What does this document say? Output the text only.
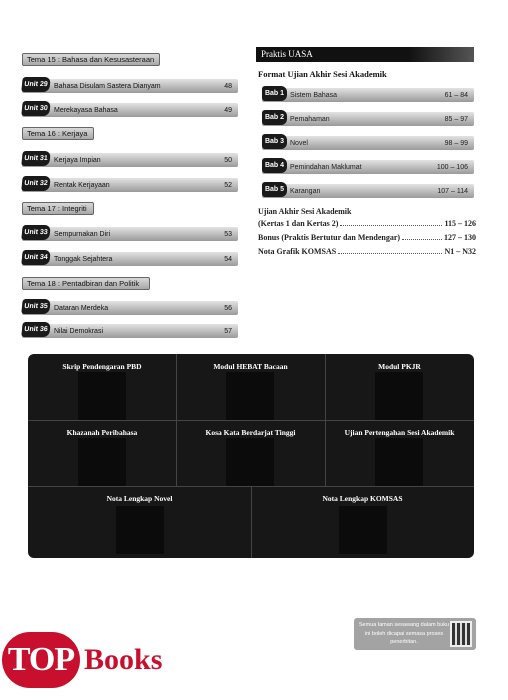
Tema 15 : Bahasa dan Kesusasteraan
Unit 29 Bahasa Disulam Sastera Dianyam	48
Unit 30 Merekayasa Bahasa	49
Tema 16 : Kerjaya
Unit 31 Kerjaya Impian	50
Unit 32 Rentak Kerjayaan	52
Tema 17 : Integriti
Unit 33 Sempurnakan Diri	53
Unit 34 Tonggak Sejahtera	54
Tema 18 : Pentadbiran dan Politik
Unit 35 Dataran Merdeka	56
Unit 36 Nilai Demokrasi	57
Praktis UASA
Format Ujian Akhir Sesi Akademik
Bab 1 Sistem Bahasa	61 – 84
Bab 2 Pemahaman	85 – 97
Bab 3 Novel	98 – 99
Bab 4 Pemindahan Maklumat	100 – 106
Bab 5 Karangan	107 – 114
Ujian Akhir Sesi Akademik
(Kertas 1 dan Kertas 2)	115 – 126
Bonus (Praktis Bertutur dan Mendengar)	127 – 130
Nota Grafik KOMSAS	N1 – N32
Skrip Pendengaran PBD	Modul HEBAT Bacaan	Modul PKJR
Khazanah Peribahasa	Kosa Kata Berdarjat Tinggi	Ujian Pertengahan Sesi Akademik
Nota Lengkap Novel	Nota Lengkap KOMSAS
Semua laman sesawang dalam buku ini boleh dicapai semasa proses penerbitan.
TOP Books
